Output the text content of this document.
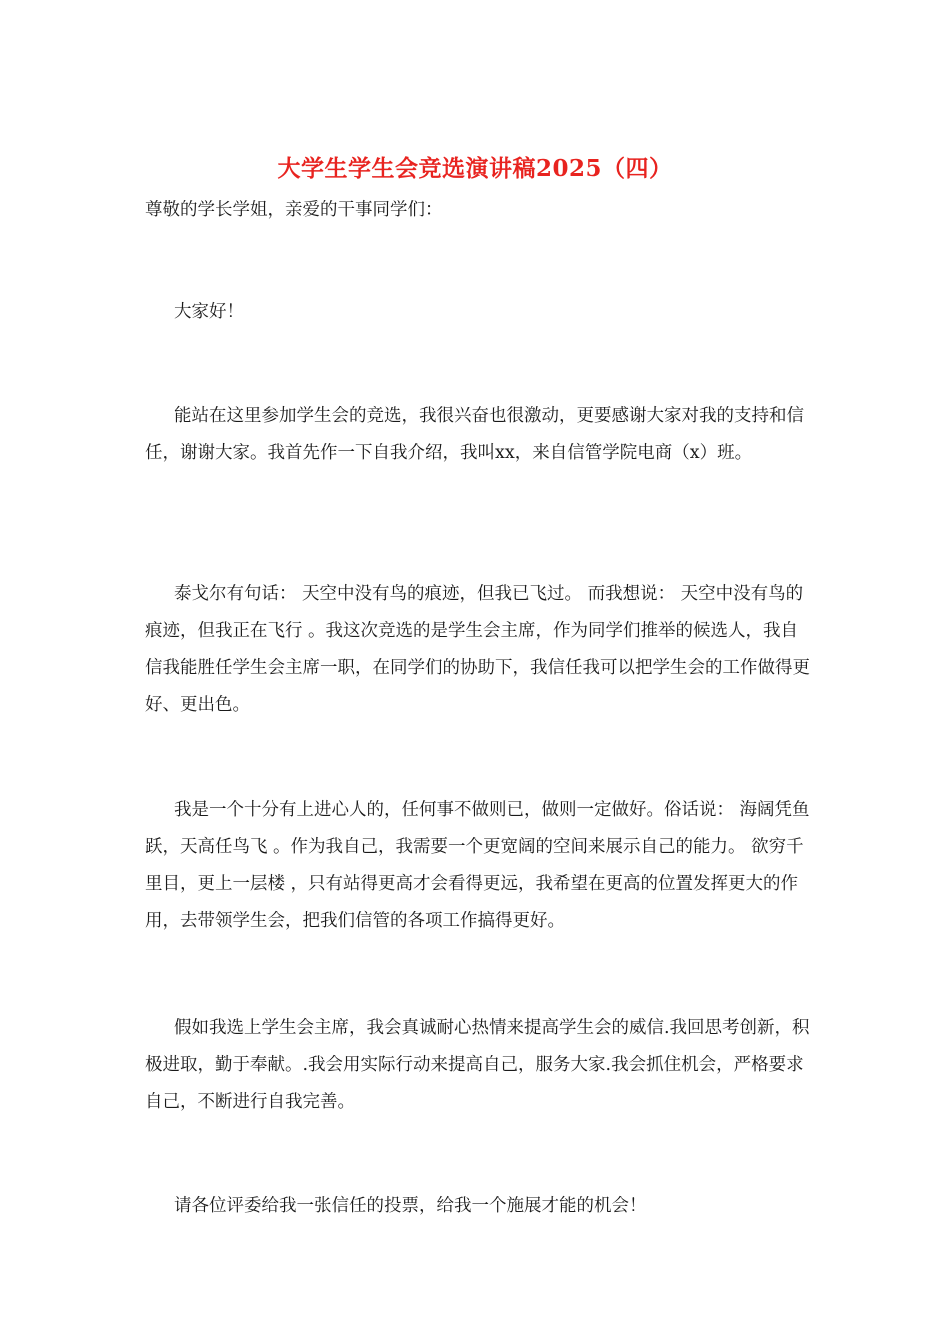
大学生学生会竞选演讲稿2025（四）

尊敬的学长学姐，亲爱的干事同学们：

大家好！

能站在这里参加学生会的竞选，我很兴奋也很激动，更要感谢大家对我的支持和信任，谢谢大家。我首先作一下自我介绍，我叫xx，来自信管学院电商（x）班。

泰戈尔有句话： 天空中没有鸟的痕迹，但我已飞过。 而我想说： 天空中没有鸟的痕迹，但我正在飞行 。我这次竞选的是学生会主席，作为同学们推举的候选人，我自信我能胜任学生会主席一职，在同学们的协助下，我信任我可以把学生会的工作做得更好、更出色。

我是一个十分有上进心人的，任何事不做则已，做则一定做好。俗话说： 海阔凭鱼跃，天高任鸟飞 。作为我自己，我需要一个更宽阔的空间来展示自己的能力。 欲穷千里目，更上一层楼 ，只有站得更高才会看得更远，我希望在更高的位置发挥更大的作用，去带领学生会，把我们信管的各项工作搞得更好。

假如我选上学生会主席，我会真诚耐心热情来提高学生会的威信.我回思考创新，积极进取，勤于奉献。.我会用实际行动来提高自己，服务大家.我会抓住机会，严格要求自己，不断进行自我完善。

请各位评委给我一张信任的投票，给我一个施展才能的机会！
